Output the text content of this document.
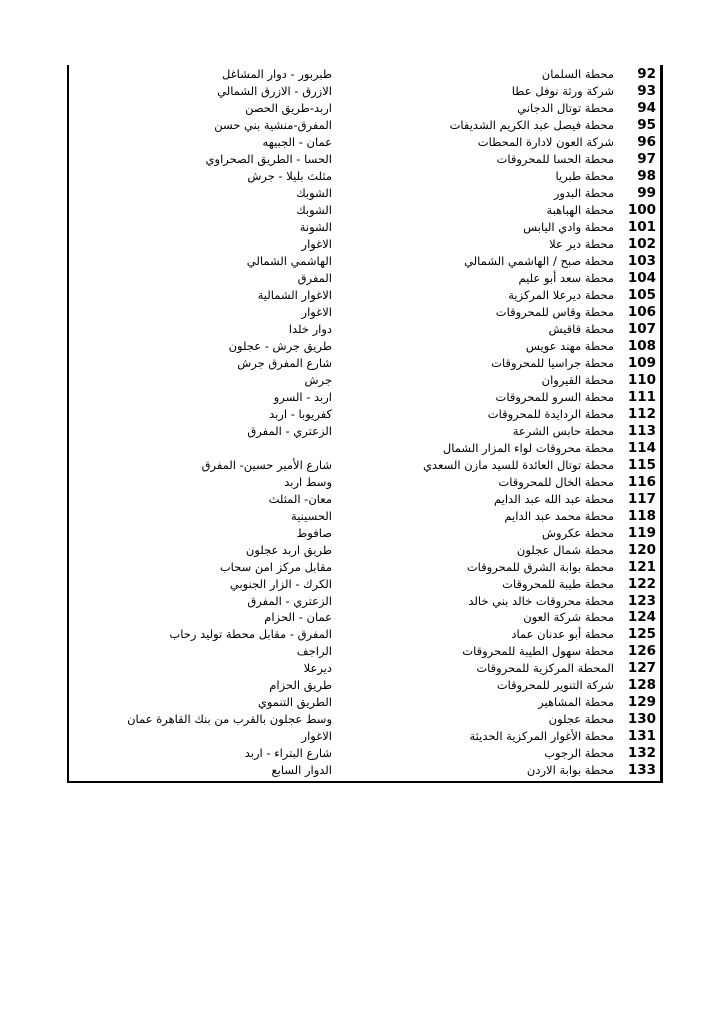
92
محطة السلمان
طبربور - دوار المشاغل
93
شركة ورثة نوفل عطا
الازرق - الازرق الشمالي
94
محطة توتال الدجاني
اربد-طريق الحصن
95
محطة فيصل عبد الكريم الشديفات
المفرق-منشية بني حسن
96
شركة العون لادارة المحطات
عمان - الجبيهه
97
محطة الحسا للمحروقات
الحسا - الطريق الصحراوي
98
محطة طبريا
مثلث بليلا - جرش
99
محطة البدور
الشوبك
100
محطة الهباهبة
الشوبك
101
محطة وادي اليابس
الشونة
102
محطة دير علا
الاغوار
103
محطة صبح / الهاشمي الشمالي
الهاشمي الشمالي
104
محطة سعد أبو عليم
المفرق
105
محطة ديرعلا المركزية
الاغوار الشمالية
106
محطة وقاس للمحروقات
الاغوار
107
محطة قاقيش
دوار خلدا
108
محطة مهند عويس
طريق جرش - عجلون
109
محطة جراسيا للمحروقات
شارع المفرق جرش
110
محطة القيروان
جرش
111
محطة السرو للمحروقات
اربد - السرو
112
محطة الردايدة للمحروقات
كفريوبا - اربد
113
محطة حابس الشرعة
الزعتري - المفرق
114
محطة محروقات لواء المزار الشمال
115
محطة توتال العائدة للسيد مازن السعدي
شارع الأمير حسين- المفرق
116
محطة الخال للمحروقات
وسط اربد
117
محطة عبد الله عبد الدايم
معان- المثلث
118
محطة محمد عبد الدايم
الحسينية
119
محطة عكروش
صافوط
120
محطة شمال عجلون
طريق اربد عجلون
121
محطة بوابة الشرق للمحروقات
مقابل مركز امن سحاب
122
محطة طيبة للمحروقات
الكرك - الزار الجنوبي
123
محطة محروقات خالد بني خالد
الزعتري - المفرق
124
محطة شركة العون
عمان - الحزام
125
محطة أبو عدنان عماد
المفرق - مقابل محطة توليد رحاب
126
محطة سهول الطيبة للمحروقات
الراجف
127
المحطة المركزية للمحروقات
ديرعلا
128
شركة التنوير للمحروقات
طريق الحزام
129
محطة المشاهير
الطريق التنموي
130
محطة عجلون
وسط عجلون بالقرب من بنك القاهرة عمان
131
محطة الأغوار المركزية الحديثة
الاغوار
132
محطة الرجوب
شارع البتراء - اربد
133
محطة بوابة الاردن
الدوار السابع
